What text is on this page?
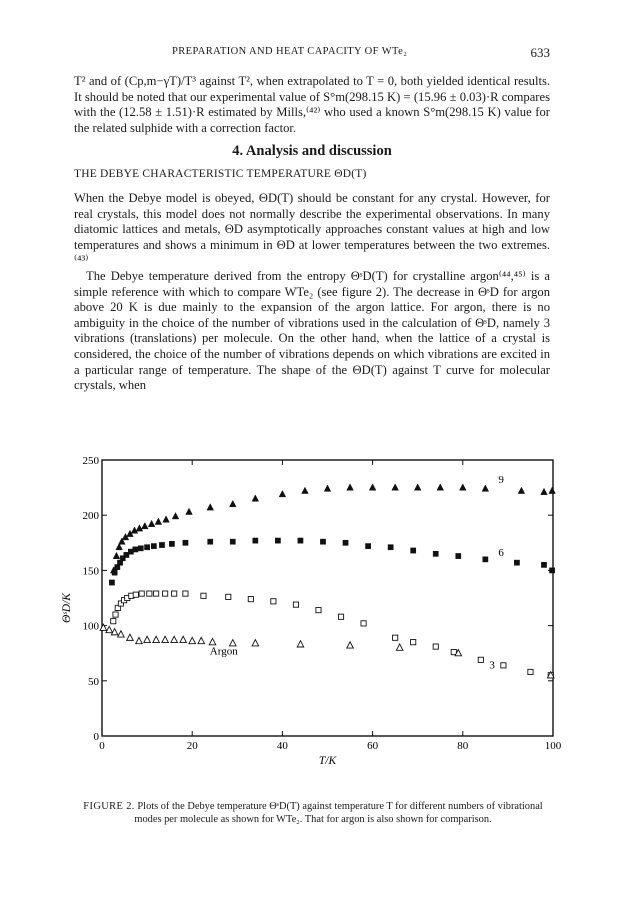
PREPARATION AND HEAT CAPACITY OF WTe₂	633

T² and of (Cp,m−γT)/T³ against T², when extrapolated to T = 0, both yielded identical results. It should be noted that our experimental value of S°m(298.15 K) = (15.96 ± 0.03)·R compares with the (12.58 ± 1.51)·R estimated by Mills,⁽⁴²⁾ who used a known S°m(298.15 K) value for the related sulphide with a correction factor.

4. Analysis and discussion
THE DEBYE CHARACTERISTIC TEMPERATURE ΘD(T)

When the Debye model is obeyed, ΘD(T) should be constant for any crystal. However, for real crystals, this model does not normally describe the experimental observations. In many diatomic lattices and metals, ΘD asymptotically approaches constant values at high and low temperatures and shows a minimum in ΘD at lower temperatures between the two extremes.⁽⁴³⁾

The Debye temperature derived from the entropy ΘˢD(T) for crystalline argon⁽⁴⁴,⁴⁵⁾ is a simple reference with which to compare WTe₂ (see figure 2). The decrease in ΘˢD for argon above 20 K is due mainly to the expansion of the argon lattice. For argon, there is no ambiguity in the choice of the number of vibrations used in the calculation of ΘˢD, namely 3 vibrations (translations) per molecule. On the other hand, when the lattice of a crystal is considered, the choice of the number of vibrations depends on which vibrations are excited in a particular range of temperature. The shape of the ΘD(T) against T curve for molecular crystals, when

0	20	40	60	80	100
0
50
100
150
200
250
T/K
ΘˢD/K
9
6
3
Argon
FIGURE 2. Plots of the Debye temperature ΘˢD(T) against temperature T for different numbers of vibrational modes per molecule as shown for WTe₂. That for argon is also shown for comparison.
